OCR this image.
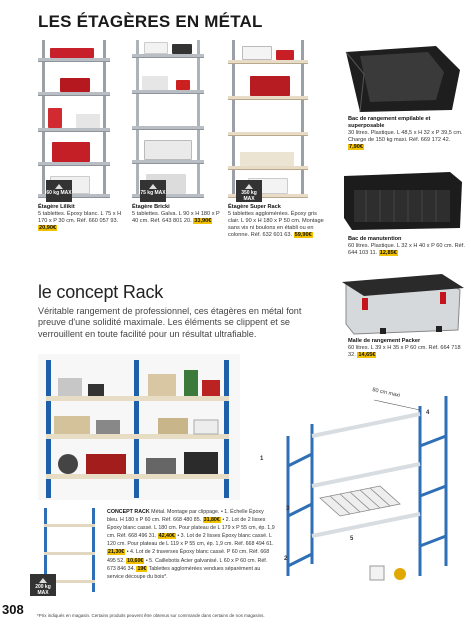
LES ÉTAGÈRES EN MÉTAL
60 kg MAX	75 kg MAX	350 kg MAX
Étagère Lilikit
5 tablettes. Époxy blanc. L 75 x H 170 x P 30 cm. Réf. 660 057 93. 20,90€
Étagère Bricki
5 tablettes. Galva. L 90 x H 180 x P 40 cm. Réf. 643 801 20. 33,90€
Étagère Super Rack
5 tablettes agglomérées. Époxy gris clair. L 90 x H 180 x P 50 cm. Montage sans vis ni boulons en établi ou en colonne. Réf. 632 601 63. 59,90€
Bac de rangement empilable et superposable
30 litres. Plastique. L 48,5 x H 32 x P 39,5 cm. Charge de 150 kg maxi. Réf. 669 172 42. 7,90€
Bac de manutention
60 litres. Plastique. L 32 x H 40 x P 60 cm. Réf. 644 103 11. 12,85€
Malle de rangement Packer
60 litres. L 39 x H 35 x P 60 cm. Réf. 664 718 32. 14,65€
le concept Rack
Véritable rangement de professionnel, ces étagères en métal font preuve d'une solidité maximale. Les éléments se clippent et se verrouillent en toute facilité pour un résultat ultrafiable.
80 cm maxi
1
2
3
4
5
200 kg MAX
CONCEPT RACK Métal. Montage par clippage. • 1. Échelle Époxy bleu. H 180 x P 60 cm. Réf. 668 480 85. 31,80€ • 2. Lot de 2 lisses Époxy blanc cassé. L 180 cm. Pour plateau de L 179 x P 55 cm, ép. 1,9 cm. Réf. 668 496 31. 42,40€ • 3. Lot de 2 lisses Époxy blanc cassé. L 120 cm. Pour plateau de L 119 x P 55 cm, ép. 1,9 cm. Réf. 668 494 61. 21,30€ • 4. Lot de 2 traverses Époxy blanc cassé. P 60 cm. Réf. 668 495 52. 10,60€ • 5. Caillebotis Acier galvanisé. L 60 x P 60 cm. Réf. 673 846 34. 19€ Tablettes agglomérées vendues séparément au service découpe du bois*.
308	*Prix indiqués en magasin. Certains produits peuvent être obtenus sur commande dans certains de nos magasins.
